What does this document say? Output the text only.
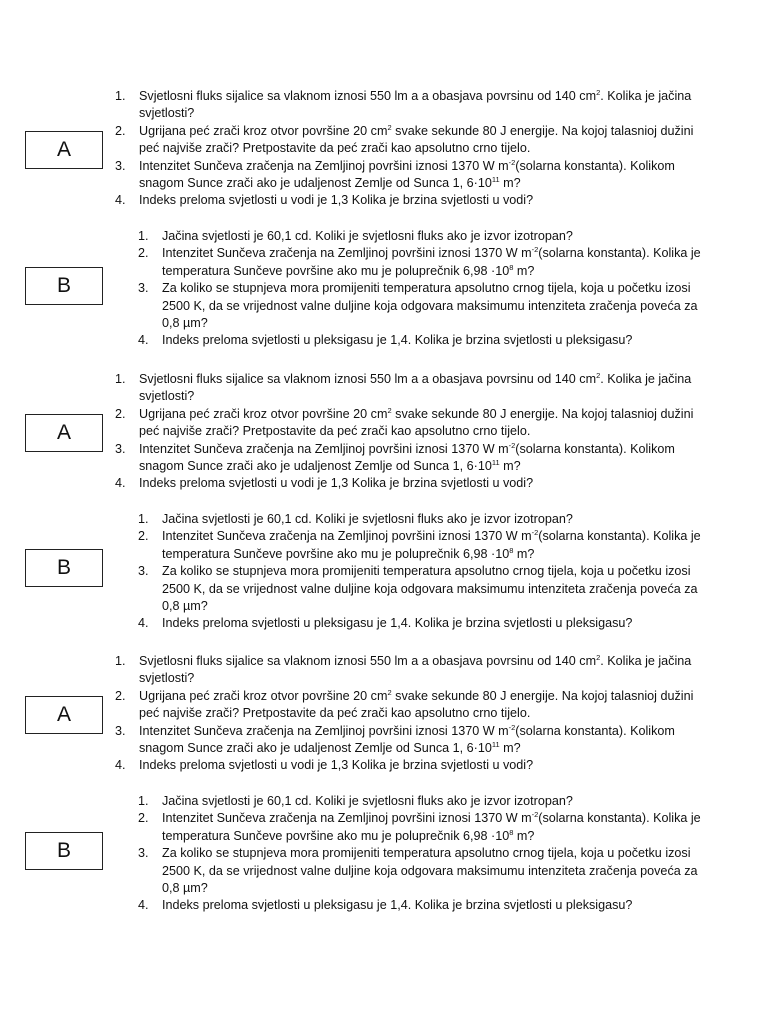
A
1. Svjetlosni fluks sijalice sa vlaknom iznosi 550 lm a a obasjava povrsinu od 140 $cm^2$. Kolika je jačina svjetlosti?
2. Ugrijana peć zrači kroz otvor površine 20 $cm^2$ svake sekunde 80 J energije. Na kojoj talasnioj dužini peć najviše zrači? Pretpostavite da peć zrači kao apsolutno crno tijelo.
3. Intenzitet Sunčeva zračenja na Zemljinoj površini iznosi 1370 W $m^{-2}(solarna$ konstanta). Kolikom snagom Sunce zrači ako je udaljenost Zemlje od Sunca 1, $6\cdot 10^{11}$ m?
4. Indeks preloma svjetlosti u vodi je 1,3 Kolika je brzina svjetlosti u vodi?
B
1. Jačina svjetlosti je 60,1 cd. Koliki je svjetlosni fluks ako je izvor izotropan?
2. Intenzitet Sunčeva zračenja na Zemljinoj površini iznosi 1370 W $m^{-2}(solarna$ konstanta). Kolika je temperatura Sunčeve površine ako mu je poluprečnik $6,98 \cdot 10^8$ m?
3. Za koliko se stupnjeva mora promijeniti temperatura apsolutno crnog tijela, koja u početku izosi 2500 K, da se vrijednost valne duljine koja odgovara maksimumu intenziteta zračenja poveća za 0,8 µm?
4. Indeks preloma svjetlosti u pleksigasu je 1,4. Kolika je brzina svjetlosti u pleksigasu?
A
1. Svjetlosni fluks sijalice sa vlaknom iznosi 550 lm a a obasjava povrsinu od 140 $cm^2$. Kolika je jačina svjetlosti?
2. Ugrijana peć zrači kroz otvor površine 20 $cm^2$ svake sekunde 80 J energije. Na kojoj talasnioj dužini peć najviše zrači? Pretpostavite da peć zrači kao apsolutno crno tijelo.
3. Intenzitet Sunčeva zračenja na Zemljinoj površini iznosi 1370 W $m^{-2}(solarna$ konstanta). Kolikom snagom Sunce zrači ako je udaljenost Zemlje od Sunca 1, $6\cdot 10^{11}$ m?
4. Indeks preloma svjetlosti u vodi je 1,3 Kolika je brzina svjetlosti u vodi?
B
1. Jačina svjetlosti je 60,1 cd. Koliki je svjetlosni fluks ako je izvor izotropan?
2. Intenzitet Sunčeva zračenja na Zemljinoj površini iznosi 1370 W $m^{-2}(solarna$ konstanta). Kolika je temperatura Sunčeve površine ako mu je poluprečnik $6,98 \cdot 10^8$ m?
3. Za koliko se stupnjeva mora promijeniti temperatura apsolutno crnog tijela, koja u početku izosi 2500 K, da se vrijednost valne duljine koja odgovara maksimumu intenziteta zračenja poveća za 0,8 µm?
4. Indeks preloma svjetlosti u pleksigasu je 1,4. Kolika je brzina svjetlosti u pleksigasu?
A
1. Svjetlosni fluks sijalice sa vlaknom iznosi 550 lm a a obasjava povrsinu od 140 $cm^2$. Kolika je jačina svjetlosti?
2. Ugrijana peć zrači kroz otvor površine 20 $cm^2$ svake sekunde 80 J energije. Na kojoj talasnioj dužini peć najviše zrači? Pretpostavite da peć zrači kao apsolutno crno tijelo.
3. Intenzitet Sunčeva zračenja na Zemljinoj površini iznosi 1370 W $m^{-2}(solarna$ konstanta). Kolikom snagom Sunce zrači ako je udaljenost Zemlje od Sunca 1, $6\cdot 10^{11}$ m?
4. Indeks preloma svjetlosti u vodi je 1,3 Kolika je brzina svjetlosti u vodi?
B
1. Jačina svjetlosti je 60,1 cd. Koliki je svjetlosni fluks ako je izvor izotropan?
2. Intenzitet Sunčeva zračenja na Zemljinoj površini iznosi 1370 W $m^{-2}(solarna$ konstanta). Kolika je temperatura Sunčeve površine ako mu je poluprečnik $6,98 \cdot 10^8$ m?
3. Za koliko se stupnjeva mora promijeniti temperatura apsolutno crnog tijela, koja u početku izosi 2500 K, da se vrijednost valne duljine koja odgovara maksimumu intenziteta zračenja poveća za 0,8 µm?
4. Indeks preloma svjetlosti u pleksigasu je 1,4. Kolika je brzina svjetlosti u pleksigasu?
